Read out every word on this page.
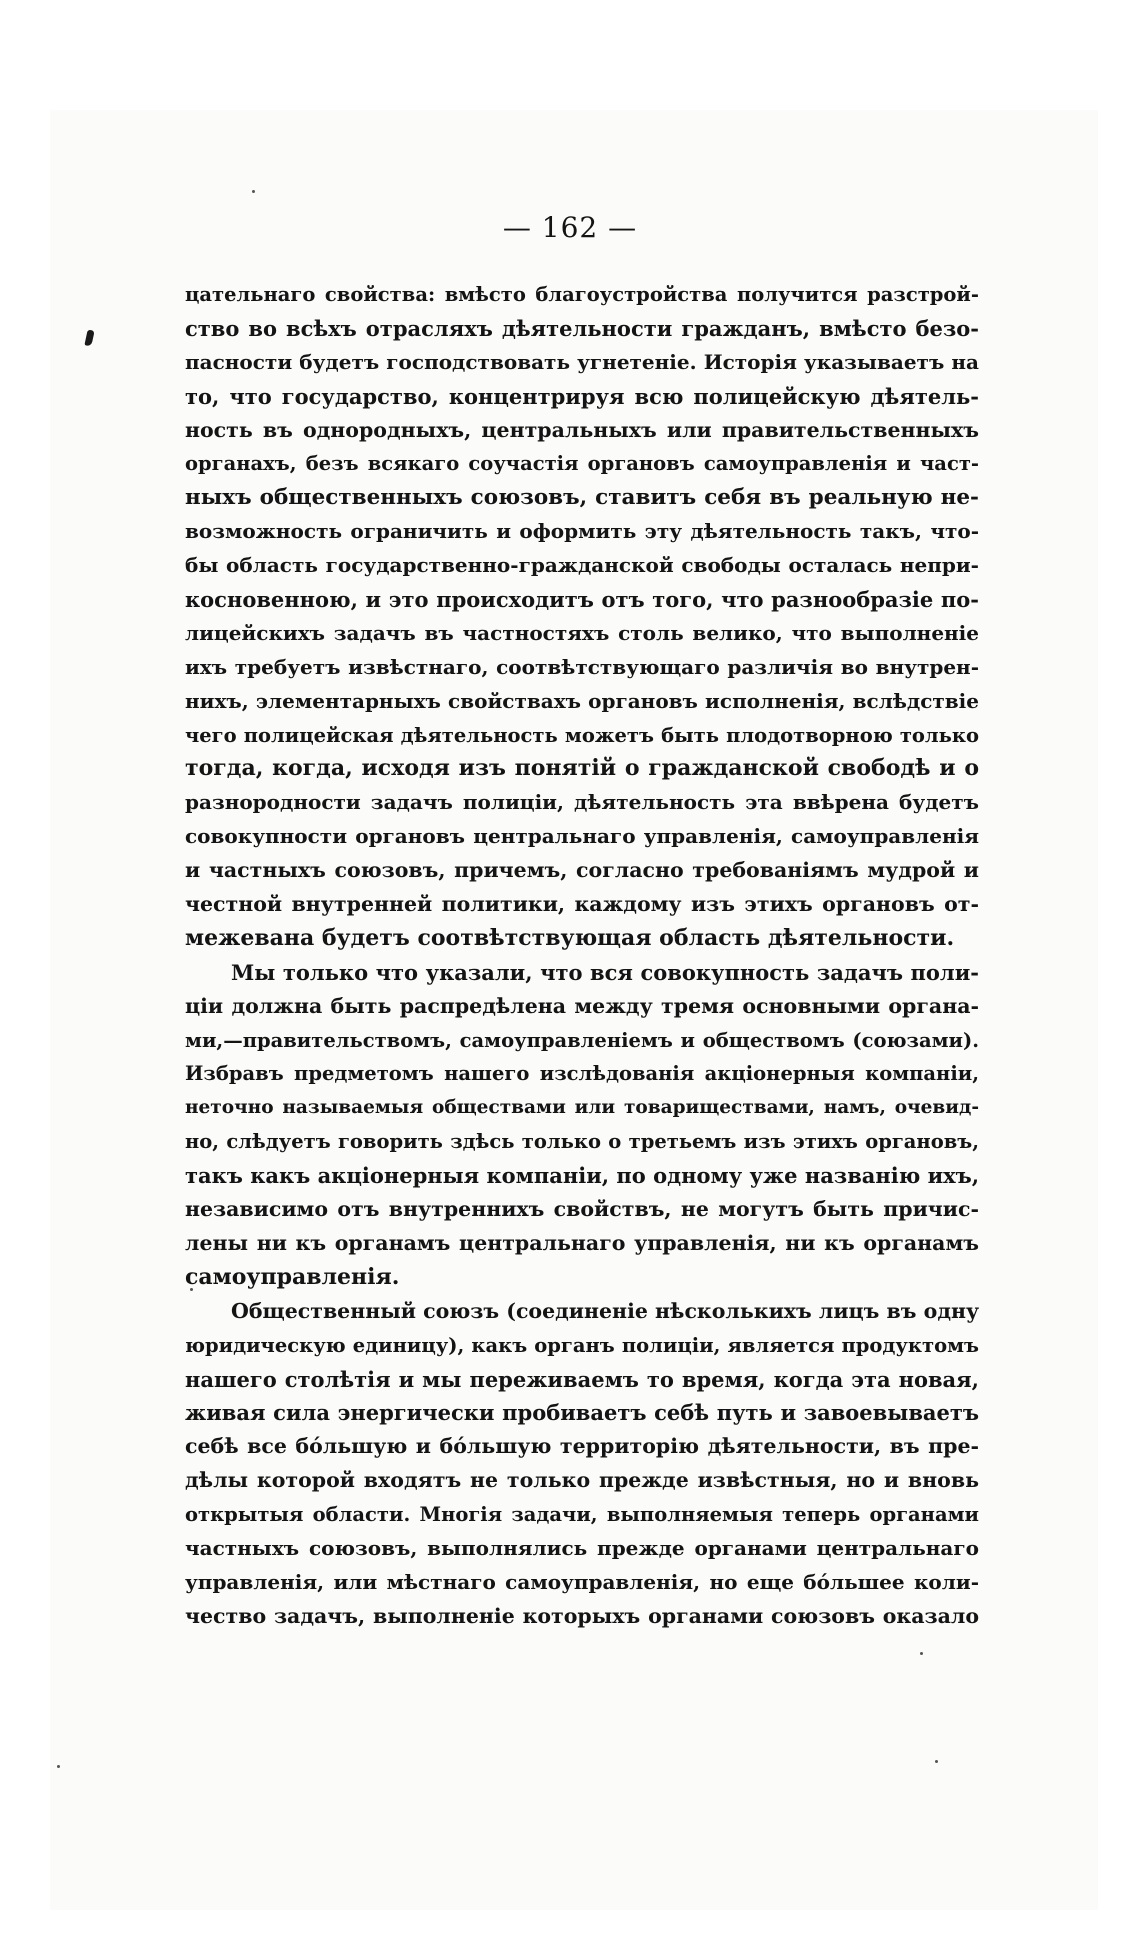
— 162 —
цательнаго свойства: вмѣсто благоустройства получится разстрой-
ство во всѣхъ отрасляхъ дѣятельности гражданъ, вмѣсто безо-
пасности будетъ господствовать угнетеніе. Исторія указываетъ на
то, что государство, концентрируя всю полицейскую дѣятель-
ность въ однородныхъ, центральныхъ или правительственныхъ
органахъ, безъ всякаго соучастія органовъ самоуправленія и част-
ныхъ общественныхъ союзовъ, ставитъ себя въ реальную не-
возможность ограничить и оформить эту дѣятельность такъ, что-
бы область государственно-гражданской свободы осталась непри-
косновенною, и это происходитъ отъ того, что разнообразіе по-
лицейскихъ задачъ въ частностяхъ столь велико, что выполненіе
ихъ требуетъ извѣстнаго, соотвѣтствующаго различія во внутрен-
нихъ, элементарныхъ свойствахъ органовъ исполненія, вслѣдствіе
чего полицейская дѣятельность можетъ быть плодотворною только
тогда, когда, исходя изъ понятій о гражданской свободѣ и о
разнородности задачъ полиціи, дѣятельность эта ввѣрена будетъ
совокупности органовъ центральнаго управленія, самоуправленія
и частныхъ союзовъ, причемъ, согласно требованіямъ мудрой и
честной внутренней политики, каждому изъ этихъ органовъ от-
межевана будетъ соотвѣтствующая область дѣятельности.
Мы только что указали, что вся совокупность задачъ поли-
ціи должна быть распредѣлена между тремя основными органа-
ми,—правительствомъ, самоуправленіемъ и обществомъ (союзами).
Избравъ предметомъ нашего изслѣдованія акціонерныя компаніи,
неточно называемыя обществами или товариществами, намъ, очевид-
но, слѣдуетъ говорить здѣсь только о третьемъ изъ этихъ органовъ,
такъ какъ акціонерныя компаніи, по одному уже названію ихъ,
независимо отъ внутреннихъ свойствъ, не могутъ быть причис-
лены ни къ органамъ центральнаго управленія, ни къ органамъ
самоуправленія.
Общественный союзъ (соединеніе нѣсколькихъ лицъ въ одну
юридическую единицу), какъ органъ полиціи, является продуктомъ
нашего столѣтія и мы переживаемъ то время, когда эта новая,
живая сила энергически пробиваетъ себѣ путь и завоевываетъ
себѣ все бóльшую и бóльшую территорію дѣятельности, въ пре-
дѣлы которой входятъ не только прежде извѣстныя, но и вновь
открытыя области. Многія задачи, выполняемыя теперь органами
частныхъ союзовъ, выполнялись прежде органами центральнаго
управленія, или мѣстнаго самоуправленія, но еще бóльшее коли-
чество задачъ, выполненіе которыхъ органами союзовъ оказало
